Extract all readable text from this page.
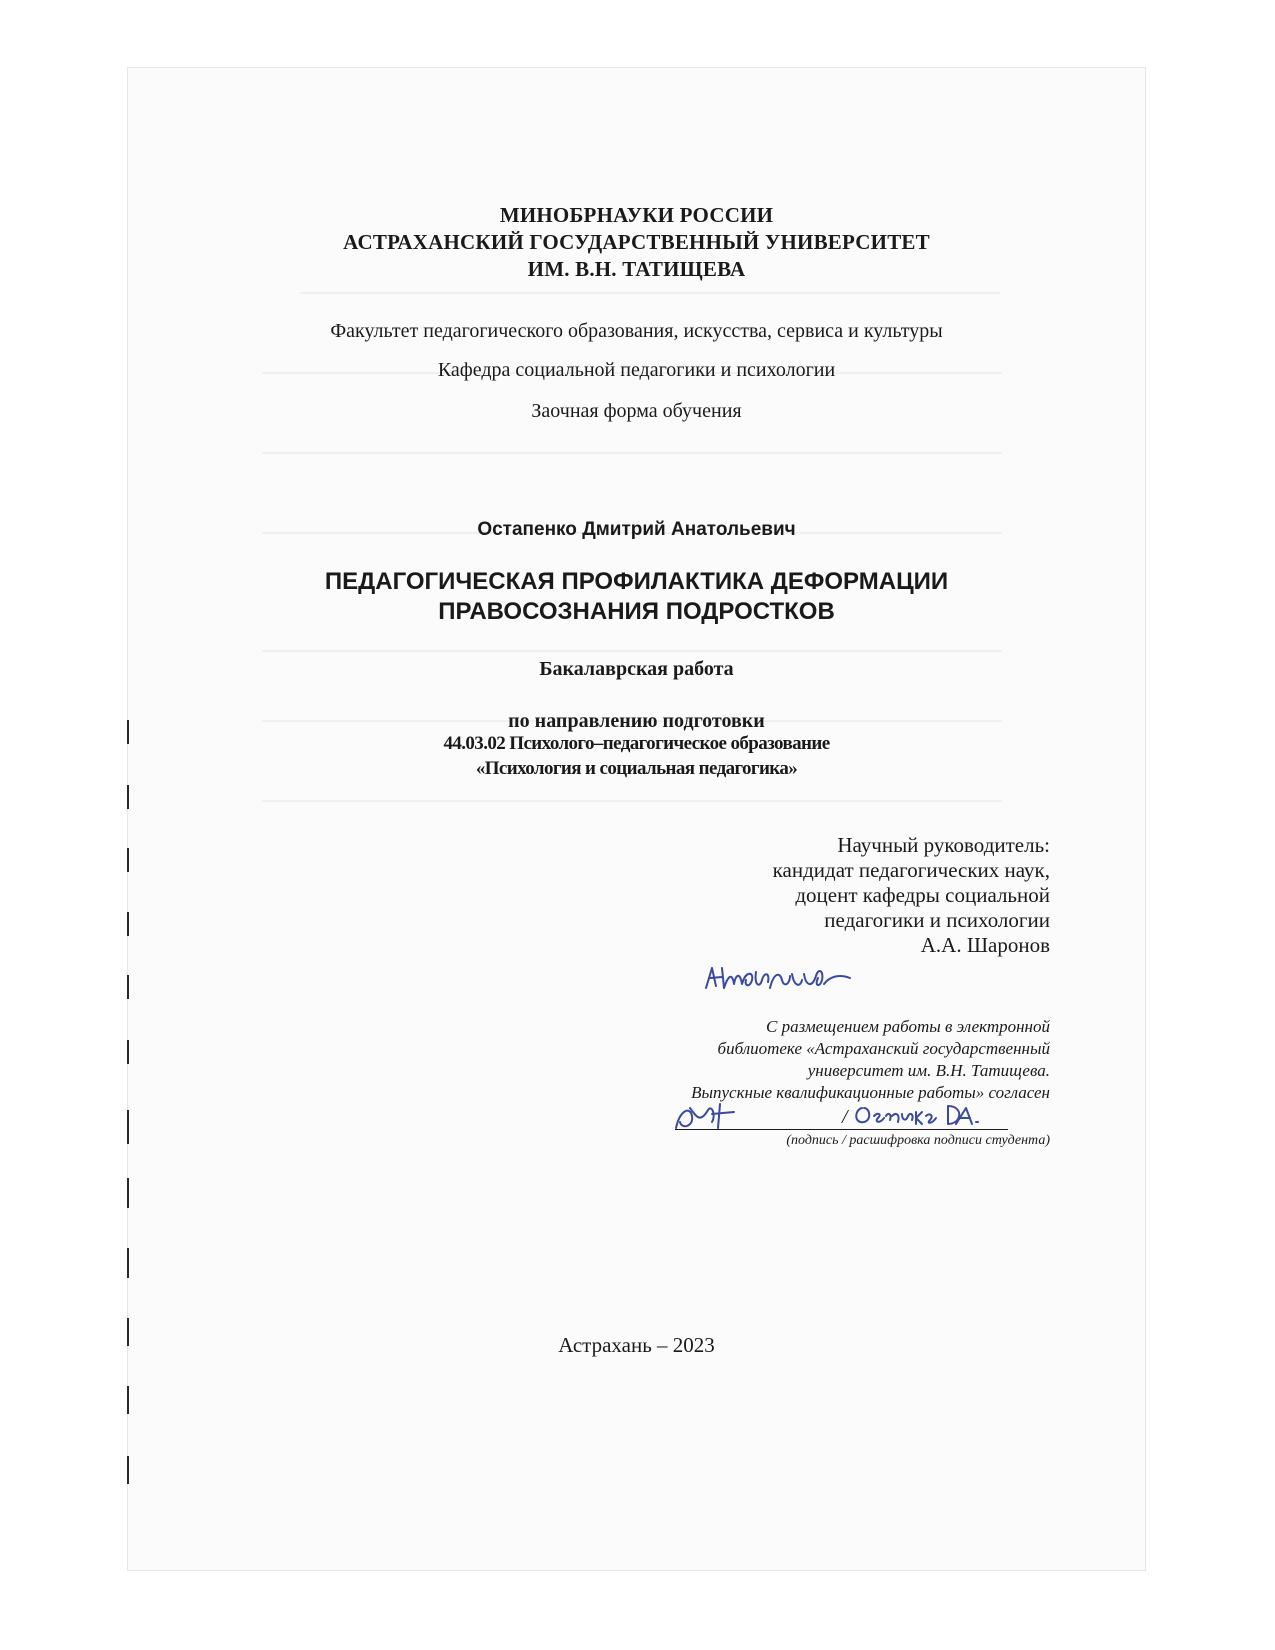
МИНОБРНАУКИ РОССИИ
АСТРАХАНСКИЙ ГОСУДАРСТВЕННЫЙ УНИВЕРСИТЕТ
ИМ. В.Н. ТАТИЩЕВА
Факультет педагогического образования, искусства, сервиса и культуры
Кафедра социальной педагогики и психологии
Заочная форма обучения
Остапенко Дмитрий Анатольевич
ПЕДАГОГИЧЕСКАЯ ПРОФИЛАКТИКА ДЕФОРМАЦИИ
ПРАВОСОЗНАНИЯ ПОДРОСТКОВ
Бакалаврская работа
по направлению подготовки
44.03.02 Психолого–педагогическое образование
«Психология и социальная педагогика»
Научный руководитель:
кандидат педагогических наук,
доцент кафедры социальной
педагогики и психологии
А.А. Шаронов
С размещением работы в электронной
библиотеке «Астраханский государственный
университет им. В.Н. Татищева.
Выпускные квалификационные работы» согласен
/
(подпись / расшифровка подписи студента)
Астрахань – 2023
